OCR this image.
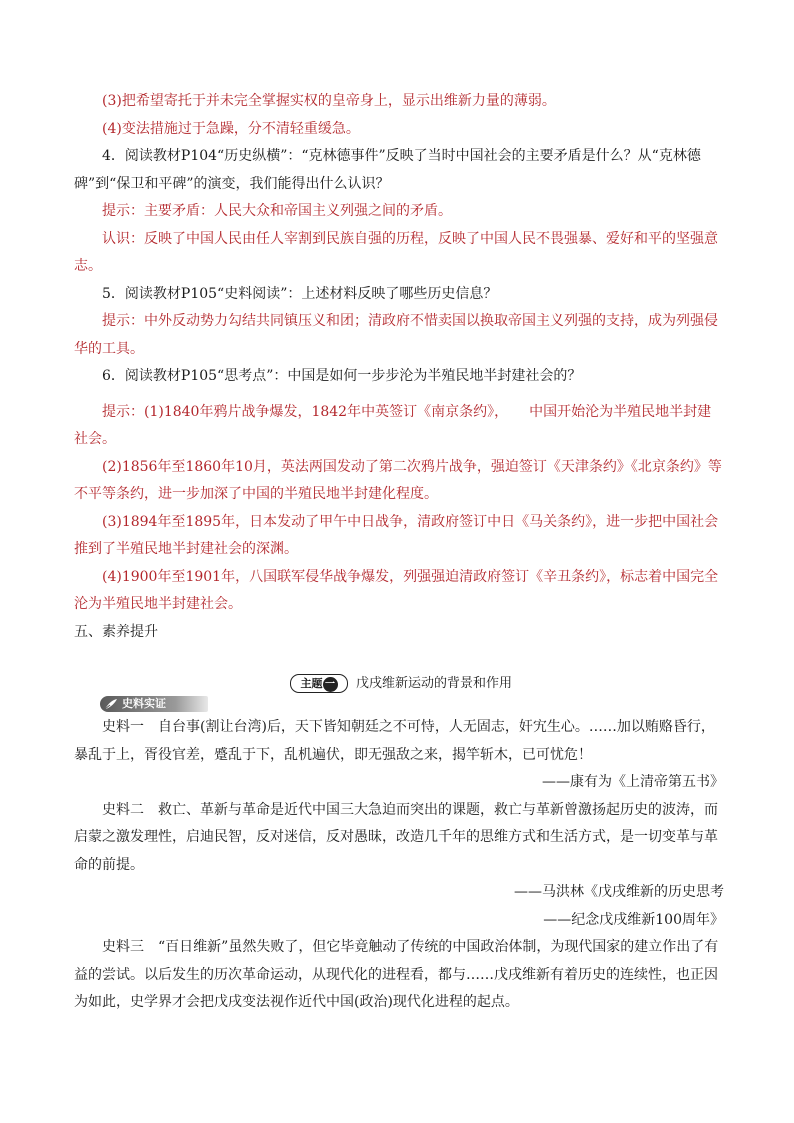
(3)把希望寄托于并未完全掌握实权的皇帝身上，显示出维新力量的薄弱。

(4)变法措施过于急躁，分不清轻重缓急。

4．阅读教材P104“历史纵横”：“克林德事件”反映了当时中国社会的主要矛盾是什么？从“克林德碑”到“保卫和平碑”的演变，我们能得出什么认识？

提示：主要矛盾：人民大众和帝国主义列强之间的矛盾。

认识：反映了中国人民由任人宰割到民族自强的历程，反映了中国人民不畏强暴、爱好和平的坚强意志。

5．阅读教材P105“史料阅读”：上述材料反映了哪些历史信息？

提示：中外反动势力勾结共同镇压义和团；清政府不惜卖国以换取帝国主义列强的支持，成为列强侵华的工具。

6．阅读教材P105“思考点”：中国是如何一步步沦为半殖民地半封建社会的？

提示：(1)1840年鸦片战争爆发，1842年中英签订《南京条约》，　　中国开始沦为半殖民地半封建社会。

(2)1856年至1860年10月，英法两国发动了第二次鸦片战争，强迫签订《天津条约》《北京条约》等不平等条约，进一步加深了中国的半殖民地半封建化程度。

(3)1894年至1895年，日本发动了甲午中日战争，清政府签订中日《马关条约》，进一步把中国社会推到了半殖民地半封建社会的深渊。

(4)1900年至1901年，八国联军侵华战争爆发，列强强迫清政府签订《辛丑条约》，标志着中国完全沦为半殖民地半封建社会。

五、素养提升

主题 一	戊戌维新运动的背景和作用
史料实证

史料一　自台事(割让台湾)后，天下皆知朝廷之不可恃，人无固志，奸宄生心。……加以贿赂昏行，暴乱于上，胥役官差，蹙乱于下，乱机遍伏，即无强敌之来，揭竿斩木，已可忧危！

——康有为《上清帝第五书》

史料二　救亡、革新与革命是近代中国三大急迫而突出的课题，救亡与革新曾激扬起历史的波涛，而启蒙之激发理性，启迪民智，反对迷信，反对愚昧，改造几千年的思维方式和生活方式，是一切变革与革命的前提。

——马洪林《戊戌维新的历史思考

——纪念戊戌维新100周年》

史料三　“百日维新”虽然失败了，但它毕竟触动了传统的中国政治体制，为现代国家的建立作出了有益的尝试。以后发生的历次革命运动，从现代化的进程看，都与……戊戌维新有着历史的连续性，也正因为如此，史学界才会把戊戌变法视作近代中国(政治)现代化进程的起点。
